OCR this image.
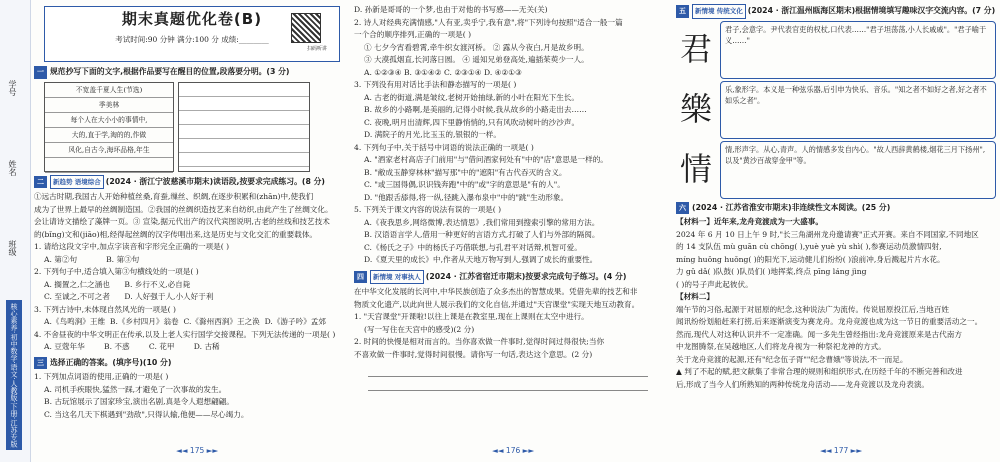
学号
姓名
班级
核心素养·初中数学·语文·人教版·下册·江苏专版
期末真题优化卷(B)
考试时间:90 分钟 满分:100 分 成绩:________
扫码听讲
一 规范抄写下面的文字,根据作品要写在醒目的位置,段落要分明。(3 分)
不宽盖千夏人生(节选)
季美林
每个人在大小小的事情中,
大的,直于学,淘的的,作做
风化,自古今,海坏品格,年生
二 新趋势 语境综合 (2024 · 浙江宁波慈溪市期末)读语段,按要求完成练习。(8 分)
①远古时期,我国古人开始种植丝桑,育蚕,缫丝、织绸,在逐步积累和(zhān)中,使我们
成为了世界上最早的丝绸制造国。②我国的丝绸织造技艺来自纺织,由此产生了丝绸文化。
会让请诗文描绘了藻牌一页。③ 宣染,据元代出产的汉代宾图说明,古老的丝线和技艺技术
的(bǐng)文和(jiāo)相,经得起丝绸的汉字传唱出来,这是历史与文化交汇的重要载体。
1. 请给这段文字中,加点字读音和字形完全正确的一项是( )
A. 第②句	B. 第③句
2. 下列句子中,适合填入第③句横线处的一项是( )
A. 搁置之,仁之涵也 B. 乡行不义,必自毙
C. 至诚之,不可之者 D. 人好强于人,小人好于利
3. 下列古诗中,未体现自然风光的一项是( )
A.《鸟鸣涧》王维 B.《乡村四月》翁卷 C.《滁州西涧》王之涣 D.《游子吟》孟郊
4. 不舍昼夜的中华文明正在传承,以及上老人实行国学交接课程。下列无法传递的一项是( )
A. 豆蔻年华	B. 不惑	C. 花甲	D. 古稀
三 选择正确的答案。(填序号)(10 分)
1. 下列加点词语的使用,正确的一项是( )
A. 司机手疾眼快,猛然一踩,才避免了一次事故的发生。
B. 古玩馆展示了国家珍宝,演出名剧,真是令人遐想翩翩。
C. 当这名几天下棋遇到"劲敌",只得认输,他便——尽心竭力。
◄◄ 175 ►►
D. 孙新是哥哥的一个梦,也由于对他的书写感——无关(关)
2. 诗人对经典充满情感,"人有亚,卖乎宁,我有意",将"下列诗句按照"适合一般一篇
一个合的顺序排列,正确的一项是( )
① 七夕今宵看碧霄,牵牛织女渡河桥。 ② 露从今夜白,月是故乡明。
③ 大漠孤烟直,长河落日圆。 ④ 遥知兄弟登高处,遍插茱萸少一人。
A. ①②③④ B. ③①④② C. ②③①④ D. ④②①③
3. 下列没有用对话比手法和静态描写的一项是( )
A. 古老的街道,满是皱纹,老树开始抽绿,新的小叶在阳光下生长。
B. 故乡的小路啊,是美丽的,记得小时候,我从故乡的小路走出去……
C. 夜晚,明月出清辉,四下里静悄悄的,只有风吹动树叶的沙沙声。
D. 满院子的月光,比玉玉的,银银的一样。
4. 下列句子中,关于括号中词语的说法正确的一项是( )
A. "酒家老村高店子门前用"与"借问酒家何处有"中的"店"意思是一样的。
B. "敝成玉静穿林林"描写那"中的"遮阳"有古代吞灭的含义。
C. "或三国得偶,识识钱奔跑"中的"或"字的意思是"有的人"。
D. "他跟舌舔得,将一纵,径跳入瀑布泉中"中的"跳"生动形象。
5. 下列关于课文内容的说法有误的一项是( )
A.《夜我思乡,网络微博,表达情思》,我们常用到搜索引擎的常用方法。
B. 汉语语言学人,借用一种更好的言语方式,打破了人们与外部的隔阂。
C.《杨氏之子》中的杨氏子巧借联想,与孔君平对话辩,机智可爱。
D.《夏天里的成长》中,作者从天地万物写到人,强调了成长的重要性。
四 新情境 对事执人 (2024 · 江苏省宿迁市期末)按要求完成句子练习。(4 分)
在中华文化发展的长河中,中华民族创造了众多杰出的智慧成果。凭借先辈的技艺和非
物质文化遗产,以此向世人展示我们的文化自信,并通过"天宫课堂"实现天地互动教育。
1. "天宫课堂"开课啦!以往上课是在教室里,现在上课则在太空中进行。
(写一写住在天宫中的感受)(2 分)
2. 时间的快慢是相对而言的。当你喜欢做一件事时,觉得时间过得很快;当你
不喜欢做一件事时,觉得时间很慢。请你写一句话,表达这个意思。(2 分)
◄◄ 176 ►►
五 新情境 传统文化 (2024 · 浙江温州瓯海区期末)根据情境填写趣味汉字交流内容。(7 分)
君
君子,会意字。尹代表官吏的权杖,口代表……"君子坦荡荡,小人长戚戚"。"君子喻于义……"
樂
乐,象形字。本义是一种弦乐器,后引申为快乐、音乐。"知之者不如好之者,好之者不如乐之者"。
情
情,形声字。从心,青声。人的情感多发自内心。"故人西辞黄鹤楼,烟花三月下扬州",以及"黄沙百战穿金甲"等。
六 (2024 · 江苏省淮安市期末)非连续性文本阅读。(25 分)
【材料一】近年来,龙舟竞渡成为一大盛事。
2024 年 6 月 10 日上午 9 时,"长三角湖州龙舟邀请赛"正式开赛。来自不同国家,不同地区
的 14 支队伍 mù guān cù chōng( ),yuè yuè yù shì( ),参赛运动员激情四射,
míng huǒng huǒng( )的阳光下,运动健儿们纷纷( )浪前冲,身后溅起片片水花。
力 gǔ dǎ( )队鼓( )队员们( )地挥桨,终点 pīng láng jìng
( )的号子声此起彼伏。
【材料二】
端午节的习俗,起源于对屈原的纪念,这种说法广为流传。传说屈原投江后,当地百姓
闻讯纷纷划船赶来打捞,后来逐渐演变为赛龙舟。龙舟竞渡也成为这一节日的重要活动之一。
然而,现代人对这种认识并不一定准确。闻一多先生曾经指出:龙舟竞渡原来是古代南方
中龙图腾祭,在吴越地区,人们将龙舟视为一种祭祀龙神的方式。
关于龙舟竞渡的起源,还有"纪念伍子胥""纪念曹娥"等说法,不一而足。
▲ 判了不起的赋,把文献集了非常合理的规则和组织形式,在历经千年的不断完善和改进
后,形成了当今人们所熟知的两种传统龙舟活动——龙舟竞渡以及龙舟表演。
◄◄ 177 ►►
